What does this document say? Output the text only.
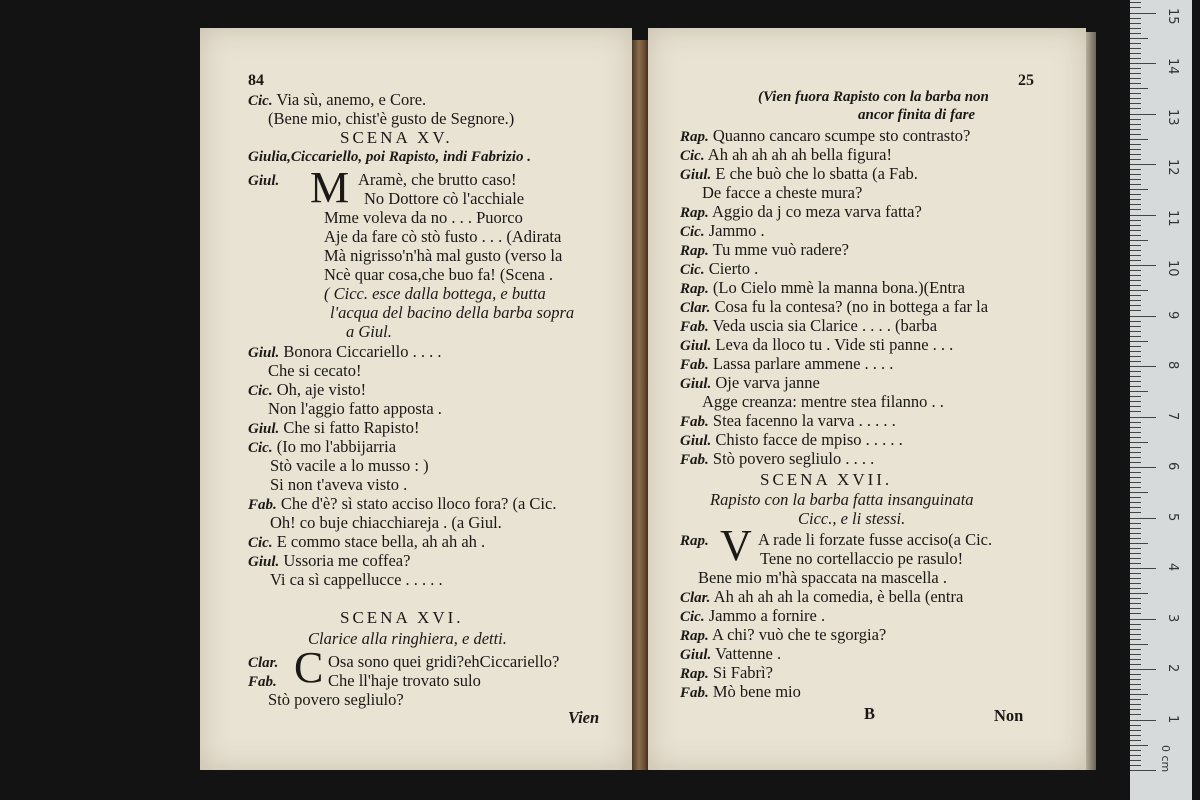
84
Cic. Via sù, anemo, e Core.
(Bene mio, chist'è gusto de Segnore.)
SCENA XV.
Giulia,Ciccariello, poi Rapisto, indi Fabrizio .
Giul. M Aramè, che brutto caso!
No Dottore cò l'acchiale
Mme voleva da no . . . Puorco
Aje da fare cò stò fusto . . . (Adirata
Mà nigrisso'n'hà mal gusto (verso la
Ncè quar cosa,che buo fa! (Scena .
( Cicc. esce dalla bottega, e butta
l'acqua del bacino della barba sopra
a Giul.
Giul. Bonora Ciccariello . . . .
Che si cecato!
Cic. Oh, aje visto!
Non l'aggio fatto apposta .
Giul. Che si fatto Rapisto!
Cic. (Io mo l'abbijarria
Stò vacile a lo musso : )
Si non t'aveva visto .
Fab. Che d'è? sì stato acciso lloco fora? (a Cic.
Oh! co buje chiacchiareja . (a Giul.
Cic. E commo stace bella, ah ah ah .
Giul. Ussoria me coffea?
Vi ca sì cappellucce . . . . .
SCENA XVI.
Clarice alla ringhiera, e detti.
Clar. C Osa sono quei gridi?ehCiccariello?
Fab.	Che ll'haje trovato sulo
Stò povero segliulo?
Vien
25
(Vien fuora Rapisto con la barba non
ancor finita di fare
Rap. Quanno cancaro scumpe sto contrasto?
Cic. Ah ah ah ah ah bella figura!
Giul. E che buò che lo sbatta (a Fab.
De facce a cheste mura?
Rap. Aggio da j co meza varva fatta?
Cic. Jammo .
Rap. Tu mme vuò radere?
Cic. Cierto .
Rap. (Lo Cielo mmè la manna bona.)(Entra
Clar. Cosa fu la contesa? (no in bottega a far la
Fab. Veda uscia sia Clarice . . . . (barba
Giul. Leva da lloco tu . Vide sti panne . . .
Fab. Lassa parlare ammene . . . .
Giul. Oje varva janne
Agge creanza: mentre stea filanno . .
Fab. Stea facenno la varva . . . . .
Giul. Chisto facce de mpiso . . . . .
Fab. Stò povero segliulo . . . .
SCENA XVII.
Rapisto con la barba fatta insanguinata
Cicc., e li stessi.
Rap. V A rade li forzate fusse acciso(a Cic.
Tene no cortellaccio pe rasulo!
Bene mio m'hà spaccata na mascella .
Clar. Ah ah ah ah la comedia, è bella (entra
Cic. Jammo a fornire .
Rap. A chi? vuò che te sgorgia?
Giul. Vattenne .
Rap. Si Fabrì?
Fab. Mò bene mio
B	Non	1
2
3
4
5
6
7
8
9
10
11
12
13
14
15
0 cm
